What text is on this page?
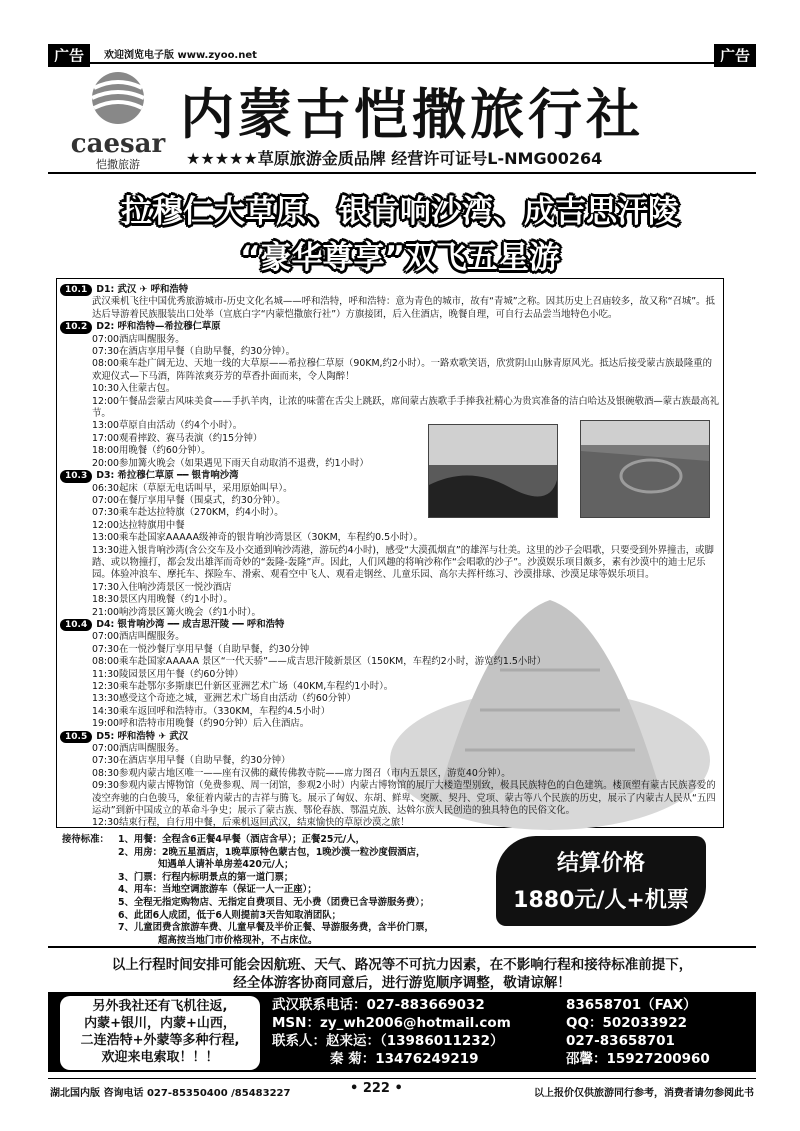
广告	广告
欢迎浏览电子版 www.zyoo.net
caesar
恺撒旅游
内蒙古恺撒旅行社
★★★★★草原旅游金质品牌 经营许可证号L-NMG00264
拉穆仁大草原、银肯响沙湾、成吉思汗陵
“豪华尊享”双飞五星游
10.1 D1: 武汉 ✈ 呼和浩特
武汉乘机飞往中国优秀旅游城市-历史文化名城——呼和浩特，呼和浩特：意为青色的城市，故有“青城”之称。因其历史上召庙较多，故又称“召城”。抵达后导游着民族服装出口处举（宣底白字“内蒙恺撒旅行社”）方旗接团，后入住酒店，晚餐自理，可自行去品尝当地特色小吃。
10.2 D2: 呼和浩特—希拉穆仁草原
07:00酒店叫醒服务。
07:30在酒店享用早餐（自助早餐，约30分钟）。
08:00乘车赴广阔无边、天地一线的大草原——希拉穆仁草原（90KM,约2小时）。一路欢歌笑语，欣赏阴山山脉青原风光。抵达后接受蒙古族最隆重的欢迎仪式—下马酒，阵阵浓爽芬芳的草香扑面而来，令人陶醉！
10:30入住蒙古包。
12:00午餐品尝蒙古风味美食——手扒羊肉，让浓的味蕾在舌尖上跳跃，席间蒙古族歌手手捧我社精心为贵宾准备的洁白哈达及银碗敬酒—蒙古族最高礼节。
13:00草原自由活动（约4个小时）。
17:00观看摔跤、赛马表演（约15分钟）
18:00用晚餐（约60分钟）。
20:00参加篝火晚会（如果遇见下雨天自动取消不退费，约1小时）
10.3 D3: 希拉穆仁草原 ━━ 银肯响沙湾
06:30起床（草原无电话叫早，采用原始叫早）。
07:00在餐厅享用早餐（围桌式，约30分钟）。
07:30乘车赴达拉特旗（270KM，约4小时）。
12:00达拉特旗用中餐
13:00乘车赴国家AAAAA级神奇的银肯响沙湾景区（30KM，车程约0.5小时）。
13:30进入银肯响沙湾(含公交车及小交通到响沙湾港，游玩约4小时)，感受“大漠孤烟直”的雄浑与壮美。这里的沙子会唱歌，只要受到外界撞击，或脚踏、或以物撞打，都会发出雄浑而奇妙的“轰隆-轰隆”声。因此，人们风趣的将响沙称作“会唱歌的沙子”。沙漠娱乐项目颇多，素有沙漠中的迪士尼乐园。体验冲浪车、摩托车、探险车、滑索、观看空中飞人、观看走钢丝、儿童乐园、高尔夫挥杆练习、沙漠排球、沙漠足球等娱乐项目。
17:30入住响沙湾景区一悦沙酒店
18:30景区内用晚餐（约1小时）。
21:00响沙湾景区篝火晚会（约1小时）。
10.4 D4: 银肯响沙湾 ━━ 成吉思汗陵 ━━ 呼和浩特
07:00酒店叫醒服务。
07:30在一悦沙餐厅享用早餐（自助早餐，约30分钟
08:00乘车赴国家AAAAA 景区“一代天骄”——成吉思汗陵新景区（150KM，车程约2小时，游览约1.5小时）
11:30陵园景区用午餐（约60分钟）
12:30乘车赴鄂尔多斯康巴什新区亚洲艺术广场（40KM,车程约1小时）。
13:30感受这个奇迹之城，亚洲艺术广场自由活动（约60分钟）
14:30乘车返回呼和浩特市。（330KM，车程约4.5小时）
19:00呼和浩特市用晚餐（约90分钟）后入住酒店。
10.5 D5: 呼和浩特 ✈ 武汉
07:00酒店叫醒服务。
07:30在酒店享用早餐（自助早餐，约30分钟）
08:30参观内蒙古地区唯一——座有汉佛的藏传佛教寺院——席力图召（市内五景区，游览40分钟）。
09:30参观内蒙古博物馆（免费参观、周一闭馆，参观2小时）内蒙古博物馆的展厅大楼造型别致，极具民族特色的白色建筑。楼顶塑有蒙古民族喜爱的凌空奔驰的白色骏马，象征着内蒙古的吉祥与腾飞。展示了匈奴、东胡、鲜卑、突厥、契丹、党项、蒙古等八个民族的历史，展示了内蒙古人民从“五四运动”到新中国成立的革命斗争史；展示了蒙古族、鄂伦春族、鄂温克族、达斡尔族人民创造的独具特色的民俗文化。
12:30结束行程，自行用中餐，后乘机返回武汉，结束愉快的草原沙漠之旅！
接待标准： 1、用餐：全程含6正餐4早餐（酒店含早）；正餐25元/人，
2、用房：2晚五星酒店，1晚草原特色蒙古包，1晚沙漠一粒沙度假酒店，
知遇单人请补单房差420元/人；
3、门票：行程内标明景点的第一道门票；
4、用车：当地空调旅游车（保证一人一正座）；
5、全程无指定购物店、无指定自费项目、无小费（团费已含导游服务费）；
6、此团6人成团，低于6人则提前3天告知取消团队；
7、儿童团费含旅游车费、儿童早餐及半价正餐、导游服务费，含半价门票，
超高按当地门市价格现补，不占床位。
结算价格
1880元/人+机票
以上行程时间安排可能会因航班、天气、路况等不可抗力因素，在不影响行程和接待标准前提下，
经全体游客协商同意后，进行游览顺序调整，敬请谅解！
另外我社还有飞机往返,
内蒙+银川，内蒙+山西，
二连浩特+外蒙等多种行程,
欢迎来电索取！！！
武汉联系电话：027-883669032	83658701（FAX）
MSN：zy_wh2006@hotmail.com	QQ：502033922
联系人：赵来运：（13986011232）	027-83658701
秦 菊：13476249219	邵馨：15927200960
湖北国内版 咨询电话 027-85350400 /85483227	• 222 •	以上报价仅供旅游同行参考，消费者请勿参阅此书
